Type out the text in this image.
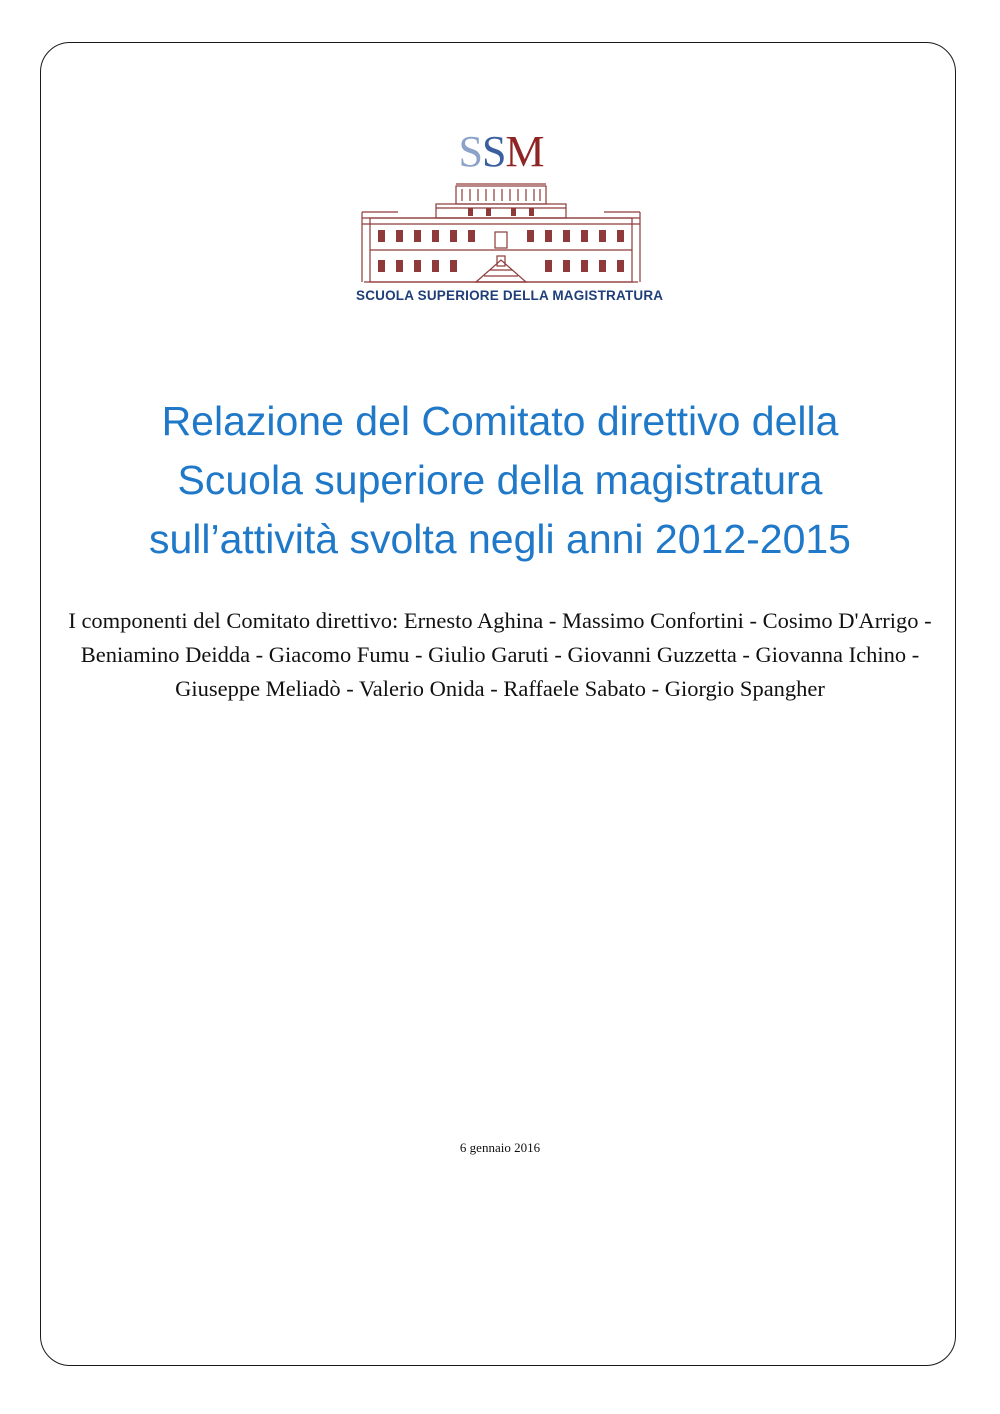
SSM
SCUOLA SUPERIORE DELLA MAGISTRATURA
Relazione del Comitato direttivo della
Scuola superiore della magistratura
sull’attività svolta negli anni 2012-2015
I componenti del Comitato direttivo: Ernesto Aghina - Massimo Confortini - Cosimo D'Arrigo - Beniamino Deidda - Giacomo Fumu - Giulio Garuti - Giovanni Guzzetta - Giovanna Ichino - Giuseppe Meliadò - Valerio Onida - Raffaele Sabato - Giorgio Spangher
6 gennaio 2016
